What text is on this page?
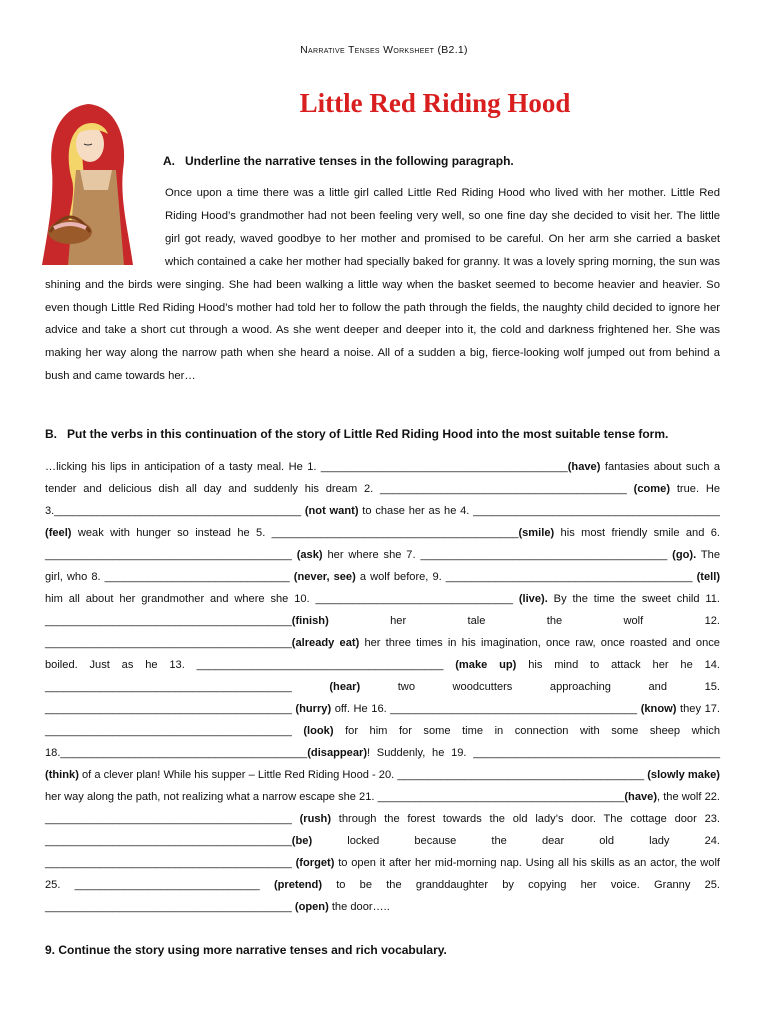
Narrative Tenses Worksheet (B2.1)
Little Red Riding Hood
A. Underline the narrative tenses in the following paragraph.
Once upon a time there was a little girl called Little Red Riding Hood who lived with her mother. Little Red Riding Hood’s grandmother had not been feeling very well, so one fine day she decided to visit her. The little girl got ready, waved goodbye to her mother and promised to be careful. On her arm she carried a basket which contained a cake her mother had specially baked for granny. It was a lovely spring morning, the sun was shining and the birds were singing. She had been walking a little way when the basket seemed to become heavier and heavier. So even though Little Red Riding Hood’s mother had told her to follow the path through the fields, the naughty child decided to ignore her advice and take a short cut through a wood. As she went deeper and deeper into it, the cold and darkness frightened her. She was making her way along the narrow path when she heard a noise. All of a sudden a big, fierce-looking wolf jumped out from behind a bush and came towards her…
B. Put the verbs in this continuation of the story of Little Red Riding Hood into the most suitable tense form.
…licking his lips in anticipation of a tasty meal. He 1. ________________________________________(have) fantasies about such a tender and delicious dish all day and suddenly his dream 2. ________________________________________ (come) true. He 3.________________________________________ (not want) to chase her as he 4. ________________________________________ (feel) weak with hunger so instead he 5. ________________________________________(smile) his most friendly smile and 6. ________________________________________ (ask) her where she 7. ________________________________________ (go). The girl, who 8. ______________________________ (never, see) a wolf before, 9. ________________________________________ (tell) him all about her grandmother and where she 10. ________________________________ (live). By the time the sweet child 11. ________________________________________(finish) her tale the wolf 12. ________________________________________(already eat) her three times in his imagination, once raw, once roasted and once boiled. Just as he 13. ________________________________________ (make up) his mind to attack her he 14. ________________________________________ (hear) two woodcutters approaching and 15. ________________________________________ (hurry) off. He 16. ________________________________________ (know) they 17. ________________________________________ (look) for him for some time in connection with some sheep which 18.________________________________________(disappear)! Suddenly, he 19. ________________________________________ (think) of a clever plan! While his supper – Little Red Riding Hood - 20. ________________________________________ (slowly make) her way along the path, not realizing what a narrow escape she 21. ________________________________________(have), the wolf 22. ________________________________________ (rush) through the forest towards the old lady’s door. The cottage door 23. ________________________________________(be) locked because the dear old lady 24. ________________________________________ (forget) to open it after her mid-morning nap. Using all his skills as an actor, the wolf 25. ______________________________ (pretend) to be the granddaughter by copying her voice. Granny 25. ________________________________________ (open) the door…..
9. Continue the story using more narrative tenses and rich vocabulary.
